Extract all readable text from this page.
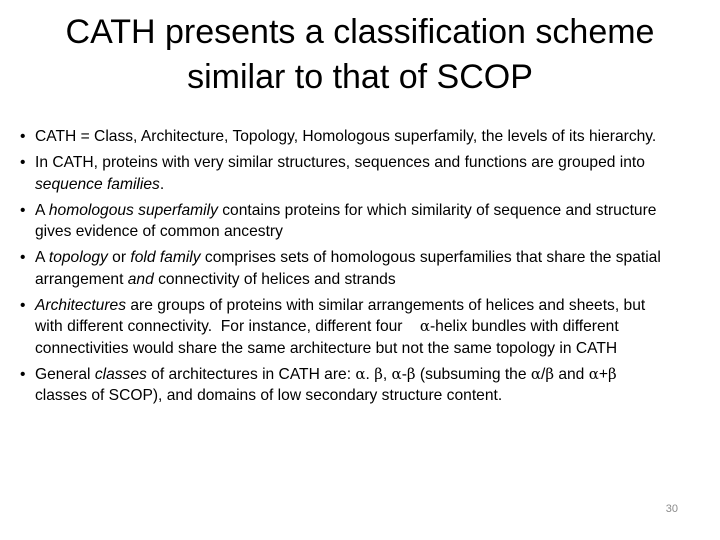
CATH presents a classification scheme
similar to that of SCOP
• CATH = Class, Architecture, Topology, Homologous superfamily, the levels of its hierarchy.
• In CATH, proteins with very similar structures, sequences and functions are grouped into sequence families.
• A homologous superfamily contains proteins for which similarity of sequence and structure gives evidence of common ancestry
• A topology or fold family comprises sets of homologous superfamilies that share the spatial arrangement and connectivity of helices and strands
• Architectures are groups of proteins with similar arrangements of helices and sheets, but with different connectivity.  For instance, different four    α-helix bundles with different connectivities would share the same architecture but not the same topology in CATH
• General classes of architectures in CATH are: α. β, α-β (subsuming the α/β and α+β classes of SCOP), and domains of low secondary structure content.
30
